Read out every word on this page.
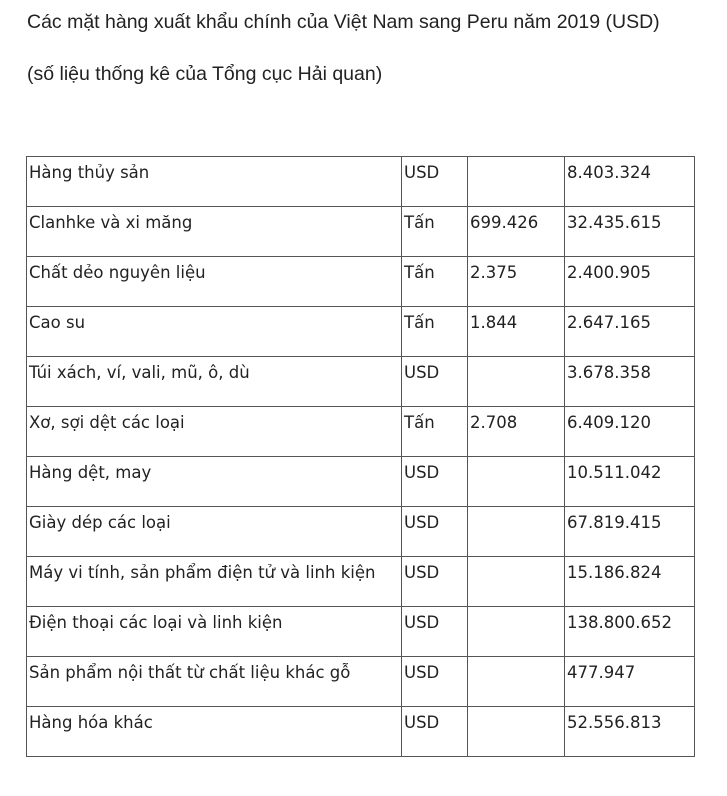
Các mặt hàng xuất khẩu chính của Việt Nam sang Peru năm 2019 (USD)

(số liệu thống kê của Tổng cục Hải quan)

Hàng thủy sản	USD		8.403.324
Clanhke và xi măng	Tấn	699.426	32.435.615
Chất dẻo nguyên liệu	Tấn	2.375	2.400.905
Cao su	Tấn	1.844	2.647.165
Túi xách, ví, vali, mũ, ô, dù	USD		3.678.358
Xơ, sợi dệt các loại	Tấn	2.708	6.409.120
Hàng dệt, may	USD		10.511.042
Giày dép các loại	USD		67.819.415
Máy vi tính, sản phẩm điện tử và linh kiện	USD		15.186.824
Điện thoại các loại và linh kiện	USD		138.800.652
Sản phẩm nội thất từ chất liệu khác gỗ	USD		477.947
Hàng hóa khác	USD		52.556.813
